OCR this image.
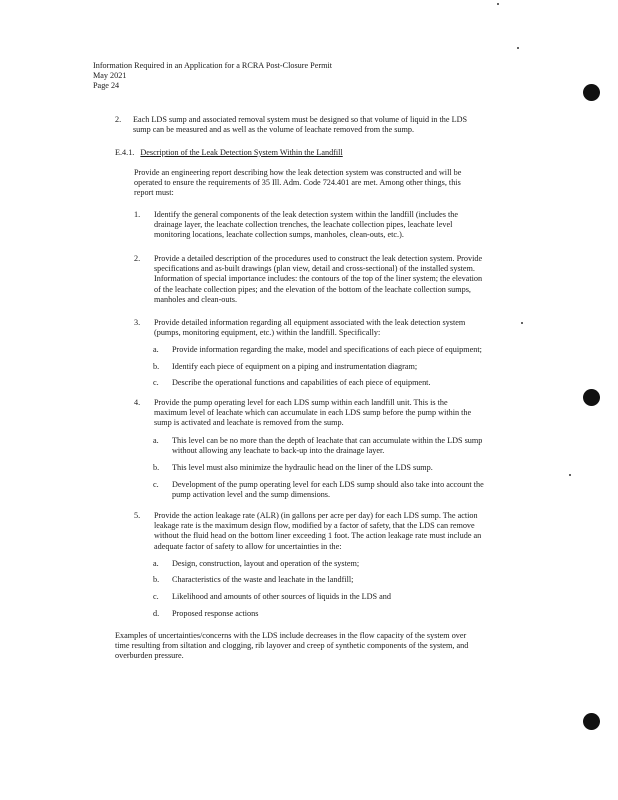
Information Required in an Application for a RCRA Post-Closure Permit
May 2021
Page 24
2. Each LDS sump and associated removal system must be designed so that volume of liquid in the LDS
sump can be measured and as well as the volume of leachate removed from the sump.
E.4.1. Description of the Leak Detection System Within the Landfill
Provide an engineering report describing how the leak detection system was constructed and will be
operated to ensure the requirements of 35 Ill. Adm. Code 724.401 are met. Among other things, this
report must:
1. Identify the general components of the leak detection system within the landfill (includes the
drainage layer, the leachate collection trenches, the leachate collection pipes, leachate level
monitoring locations, leachate collection sumps, manholes, clean-outs, etc.).
2. Provide a detailed description of the procedures used to construct the leak detection system. Provide
specifications and as-built drawings (plan view, detail and cross-sectional) of the installed system.
Information of special importance includes: the contours of the top of the liner system; the elevation
of the leachate collection pipes; and the elevation of the bottom of the leachate collection sumps,
manholes and clean-outs.
3. Provide detailed information regarding all equipment associated with the leak detection system
(pumps, monitoring equipment, etc.) within the landfill. Specifically:
a. Provide information regarding the make, model and specifications of each piece of equipment;
b. Identify each piece of equipment on a piping and instrumentation diagram;
c. Describe the operational functions and capabilities of each piece of equipment.
4. Provide the pump operating level for each LDS sump within each landfill unit. This is the
maximum level of leachate which can accumulate in each LDS sump before the pump within the
sump is activated and leachate is removed from the sump.
a. This level can be no more than the depth of leachate that can accumulate within the LDS sump
without allowing any leachate to back-up into the drainage layer.
b. This level must also minimize the hydraulic head on the liner of the LDS sump.
c. Development of the pump operating level for each LDS sump should also take into account the
pump activation level and the sump dimensions.
5. Provide the action leakage rate (ALR) (in gallons per acre per day) for each LDS sump. The action
leakage rate is the maximum design flow, modified by a factor of safety, that the LDS can remove
without the fluid head on the bottom liner exceeding 1 foot. The action leakage rate must include an
adequate factor of safety to allow for uncertainties in the:
a. Design, construction, layout and operation of the system;
b. Characteristics of the waste and leachate in the landfill;
c. Likelihood and amounts of other sources of liquids in the LDS and
d. Proposed response actions
Examples of uncertainties/concerns with the LDS include decreases in the flow capacity of the system over
time resulting from siltation and clogging, rib layover and creep of synthetic components of the system, and
overburden pressure.
